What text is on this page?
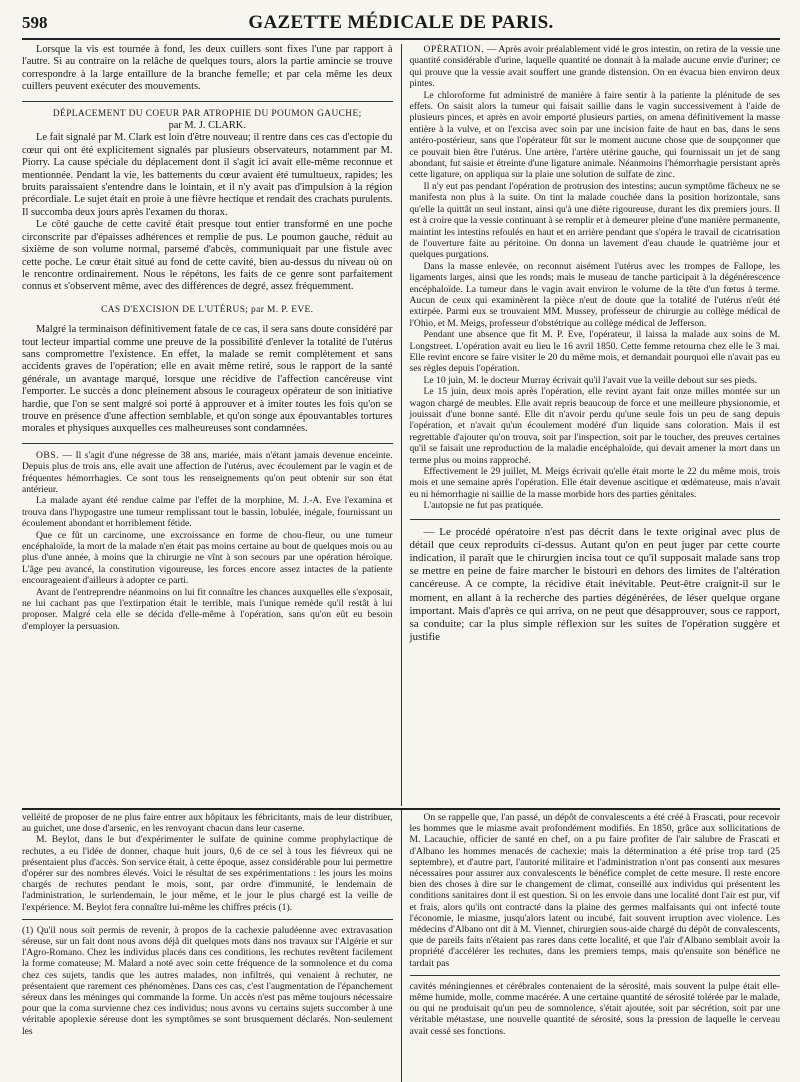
598	GAZETTE MÉDICALE DE PARIS.

Lorsque la vis est tournée à fond, les deux cuillers sont fixes l'une par rapport à l'autre. Si au contraire on la relâche de quelques tours, alors la partie amincie se trouve correspondre à la large entaillure de la branche femelle; et par cela même les deux cuillers peuvent exécuter des mouvements.

DÉPLACEMENT DU COEUR PAR ATROPHIE DU POUMON GAUCHE;

par M. J. CLARK.

Le fait signalé par M. Clark est loin d'être nouveau; il rentre dans ces cas d'ectopie du cœur qui ont été explicitement signalés par plusieurs observateurs, notamment par M. Piorry. La cause spéciale du déplacement dont il s'agit ici avait elle-même reconnue et mentionnée. Pendant la vie, les battements du cœur avaient été tumultueux, rapides; les bruits paraissaient s'entendre dans le lointain, et il n'y avait pas d'impulsion à la région précordiale. Le sujet était en proie à une fièvre hectique et rendait des crachats purulents. Il succomba deux jours après l'examen du thorax.

Le côté gauche de cette cavité était presque tout entier transformé en une poche circonscrite par d'épaisses adhérences et remplie de pus. Le poumon gauche, réduit au sixième de son volume normal, parsemé d'abcès, communiquait par une fistule avec cette poche. Le cœur était situé au fond de cette cavité, bien au-dessus du niveau où on le rencontre ordinairement. Nous le répétons, les faits de ce genre sont parfaitement connus et s'observent même, avec des différences de degré, assez fréquemment.

CAS D'EXCISION DE L'UTÉRUS; par M. P. EVE.

Malgré la terminaison définitivement fatale de ce cas, il sera sans doute considéré par tout lecteur impartial comme une preuve de la possibilité d'enlever la totalité de l'utérus sans compromettre l'existence. En effet, la malade se remit complètement et sans accidents graves de l'opération; elle en avait même retiré, sous le rapport de la santé générale, un avantage marqué, lorsque une récidive de l'affection cancéreuse vint l'emporter. Le succès a donc pleinement absous le courageux opérateur de son initiative hardie, que l'on se sent malgré soi porté à approuver et à imiter toutes les fois qu'on se trouve en présence d'une affection semblable, et qu'on songe aux épouvantables tortures morales et physiques auxquelles ces malheureuses sont condamnées.

OBS. — Il s'agit d'une négresse de 38 ans, mariée, mais n'étant jamais devenue enceinte. Depuis plus de trois ans, elle avait une affection de l'utérus, avec écoulement par le vagin et de fréquentes hémorrhagies. Ce sont tous les renseignements qu'on peut obtenir sur son état antérieur.

La malade ayant été rendue calme par l'effet de la morphine, M. J.-A. Eve l'examina et trouva dans l'hypogastre une tumeur remplissant tout le bassin, lobulée, inégale, fournissant un écoulement abondant et horriblement fétide.

Que ce fût un carcinome, une excroissance en forme de chou-fleur, ou une tumeur encéphaloïde, la mort de la malade n'en était pas moins certaine au bout de quelques mois ou au plus d'une année, à moins que la chirurgie ne vînt à son secours par une opération héroïque. L'âge peu avancé, la constitution vigoureuse, les forces encore assez intactes de la patiente encourageaient d'ailleurs à adopter ce parti.

Avant de l'entreprendre néanmoins on lui fit connaître les chances auxquelles elle s'exposait, ne lui cachant pas que l'extirpation était le terrible, mais l'unique remède qu'il restât à lui proposer. Malgré cela elle se décida d'elle-même à l'opération, sans qu'on eût eu besoin d'employer la persuasion.

OPÉRATION. — Après avoir préalablement vidé le gros intestin, on retira de la vessie une quantité considérable d'urine, laquelle quantité ne donnait à la malade aucune envie d'uriner; ce qui prouve que la vessie avait souffert une grande distension. On en évacua bien environ deux pintes.

Le chloroforme fut administré de manière à faire sentir à la patiente la plénitude de ses effets. On saisit alors la tumeur qui faisait saillie dans le vagin successivement à l'aide de plusieurs pinces, et après en avoir emporté plusieurs parties, on amena définitivement la masse entière à la vulve, et on l'excisa avec soin par une incision faite de haut en bas, dans le sens antéro-postérieur, sans que l'opérateur fût sur le moment aucune chose que de soupçonner que ce pouvait bien être l'utérus. Une artère, l'artère utérine gauche, qui fournissait un jet de sang abondant, fut saisie et étreinte d'une ligature animale. Néanmoins l'hémorrhagie persistant après cette ligature, on appliqua sur la plaie une solution de sulfate de zinc.

Il n'y eut pas pendant l'opération de protrusion des intestins; aucun symptôme fâcheux ne se manifesta non plus à la suite. On tint la malade couchée dans la position horizontale, sans qu'elle la quittât un seul instant, ainsi qu'à une diète rigoureuse, durant les dix premiers jours. Il est à croire que la vessie continuant à se remplir et à demeurer pleine d'une manière permanente, maintint les intestins refoulés en haut et en arrière pendant que s'opéra le travail de cicatrisation de l'ouverture faite au péritoine. On donna un lavement d'eau chaude le quatrième jour et quelques purgations.

Dans la masse enlevée, on reconnut aisément l'utérus avec les trompes de Fallope, les ligaments larges, ainsi que les ronds; mais le museau de tanche participait à la dégénérescence encéphaloïde. La tumeur dans le vagin avait environ le volume de la tête d'un fœtus à terme. Aucun de ceux qui examinèrent la pièce n'eut de doute que la totalité de l'utérus n'eût été extirpée. Parmi eux se trouvaient MM. Mussey, professeur de chirurgie au collège médical de l'Ohio, et M. Meigs, professeur d'obstétrique au collège médical de Jefferson.

Pendant une absence que fit M. P. Eve, l'opérateur, il laissa la malade aux soins de M. Longstreet. L'opération avait eu lieu le 16 avril 1850. Cette femme retourna chez elle le 3 mai. Elle revint encore se faire visiter le 20 du même mois, et demandait pourquoi elle n'avait pas eu ses règles depuis l'opération.

Le 10 juin, M. le docteur Murray écrivait qu'il l'avait vue la veille debout sur ses pieds.

Le 15 juin, deux mois après l'opération, elle revint ayant fait onze milles montée sur un wagon chargé de meubles. Elle avait repris beaucoup de force et une meilleure physionomie, et jouissait d'une bonne santé. Elle dit n'avoir perdu qu'une seule fois un peu de sang depuis l'opération, et n'avait qu'un écoulement modéré d'un liquide sans coloration. Mais il est regrettable d'ajouter qu'on trouva, soit par l'inspection, soit par le toucher, des preuves certaines qu'il se faisait une reproduction de la maladie encéphaloïde, qui devait amener la mort dans un terme plus ou moins rapproché.

Effectivement le 29 juillet, M. Meigs écrivait qu'elle était morte le 22 du même mois, trois mois et une semaine après l'opération. Elle était devenue ascitique et œdémateuse, mais n'avait eu ni hémorrhagie ni saillie de la masse morbide hors des parties génitales.

L'autopsie ne fut pas pratiquée.

— Le procédé opératoire n'est pas décrit dans le texte original avec plus de détail que ceux reproduits ci-dessus. Autant qu'on en peut juger par cette courte indication, il paraît que le chirurgien incisa tout ce qu'il supposait malade sans trop se mettre en peine de faire marcher le bistouri en dehors des limites de l'altération cancéreuse. A ce compte, la récidive était inévitable. Peut-être craignit-il sur le moment, en allant à la recherche des parties dégénérées, de léser quelque organe important. Mais d'après ce qui arriva, on ne peut que désapprouver, sous ce rapport, sa conduite; car la plus simple réflexion sur les suites de l'opération suggère et justifie

velléité de proposer de ne plus faire entrer aux hôpitaux les fébricitants, mais de leur distribuer, au guichet, une dose d'arsenic, en les renvoyant chacun dans leur caserne.

M. Beylot, dans le but d'expérimenter le sulfate de quinine comme prophylactique de rechutes, a eu l'idée de donner, chaque huit jours, 0,6 de ce sel à tous les fiévreux qui ne présentaient plus d'accès. Son service était, à cette époque, assez considérable pour lui permettre d'opérer sur des nombres élevés. Voici le résultat de ses expérimentations : les jours les moins chargés de rechutes pendant le mois, sont, par ordre d'immunité, le lendemain de l'administration, le surlendemain, le jour même, et le jour le plus chargé est la veille de l'expérience. M. Beylot fera connaître lui-même les chiffres précis (1).

(1) Qu'il nous soit permis de revenir, à propos de la cachexie paludéenne avec extravasation séreuse, sur un fait dont nous avons déjà dit quelques mots dans nos travaux sur l'Algérie et sur l'Agro-Romano. Chez les individus placés dans ces conditions, les rechutes revêtent facilement la forme comateuse; M. Malard a noté avec soin cette fréquence de la somnolence et du coma chez ces sujets, tandis que les autres malades, non infiltrés, qui venaient à rechuter, ne présentaient que rarement ces phénomènes. Dans ces cas, c'est l'augmentation de l'épanchement séreux dans les méninges qui commande la forme. Un accès n'est pas même toujours nécessaire pour que la coma survienne chez ces individus; nous avons vu certains sujets succomber à une véritable apoplexie séreuse dont les symptômes se sont brusquement déclarés. Non-seulement les

On se rappelle que, l'an passé, un dépôt de convalescents a été créé à Frascati, pour recevoir les hommes que le miasme avait profondément modifiés. En 1850, grâce aux sollicitations de M. Lacauchie, officier de santé en chef, on a pu faire profiter de l'air salubre de Frascati et d'Albano les hommes menacés de cachexie; mais la détermination a été prise trop tard (25 septembre), et d'autre part, l'autorité militaire et l'administration n'ont pas consenti aux mesures nécessaires pour assurer aux convalescents le bénéfice complet de cette mesure. Il reste encore bien des choses à dire sur le changement de climat, conseillé aux individus qui présentent les conditions sanitaires dont il est question. Si on les envoie dans une localité dont l'air est pur, vif et frais, alors qu'ils ont contracté dans la plaine des germes malfaisants qui ont infecté toute l'économie, le miasme, jusqu'alors latent ou incubé, fait souvent irruption avec violence. Les médecins d'Albano ont dit à M. Viennet, chirurgien sous-aide chargé du dépôt de convalescents, que de pareils faits n'étaient pas rares dans cette localité, et que l'air d'Albano semblait avoir la propriété d'accélérer les rechutes, dans les premiers temps, mais qu'ensuite son bénéfice ne tardait pas

cavités méningiennes et cérébrales contenaient de la sérosité, mais souvent la pulpe était elle-même humide, molle, comme macérée. A une certaine quantité de sérosité tolérée par le malade, ou qui ne produisait qu'un peu de somnolence, s'était ajoutée, soit par sécrétion, soit par une véritable métastase, une nouvelle quantité de sérosité, sous la pression de laquelle le cerveau avait cessé ses fonctions.
